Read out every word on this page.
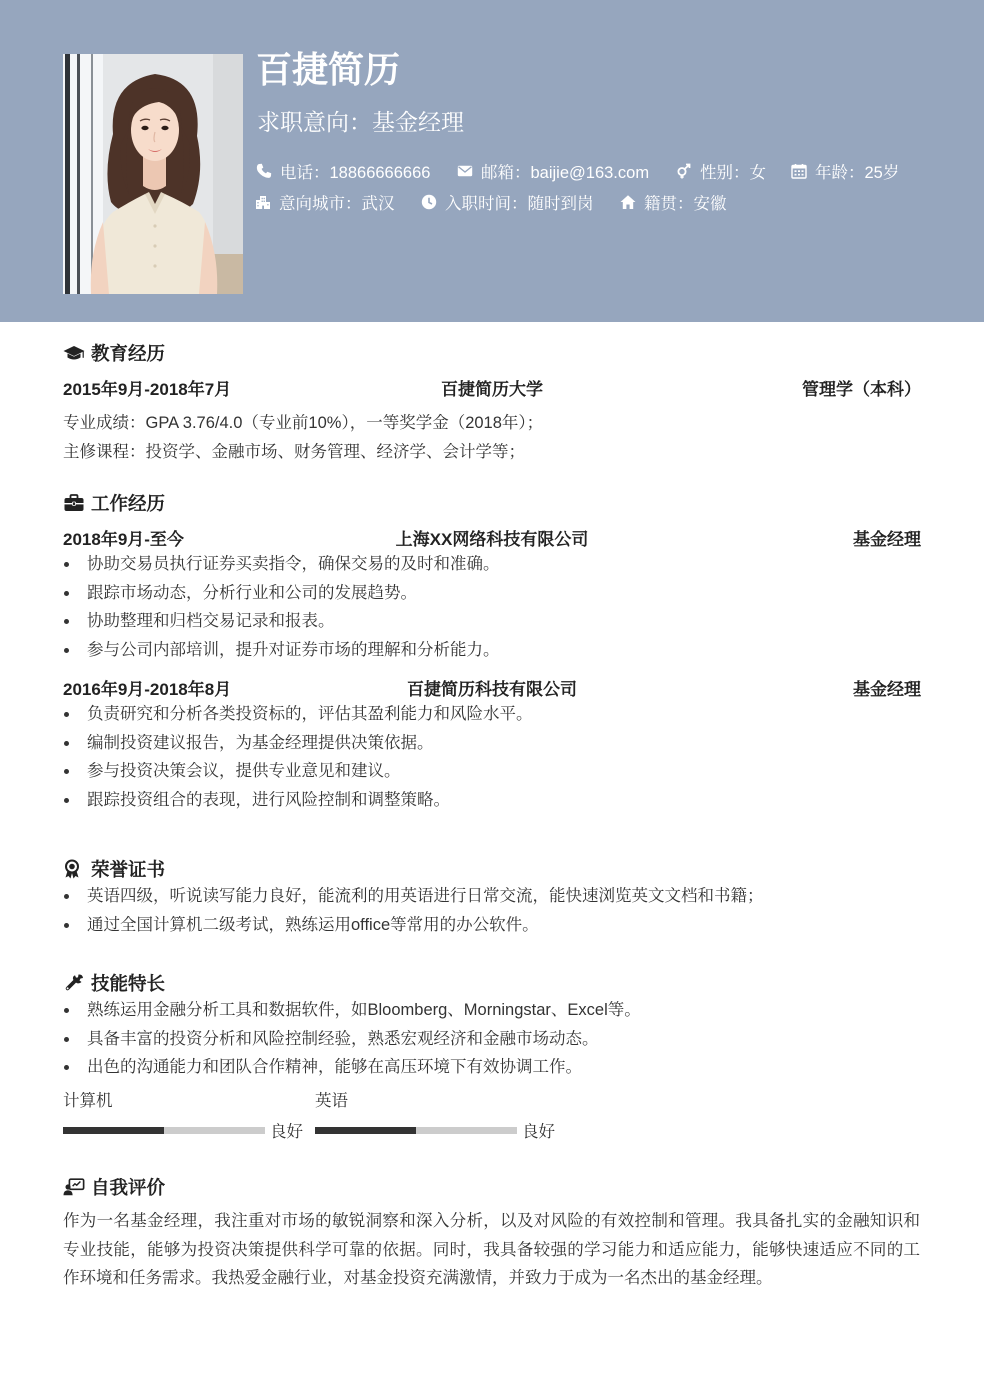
百捷简历
求职意向：基金经理
电话：18866666666	邮箱：baijie@163.com	性别：女	年龄：25岁
意向城市：武汉	入职时间：随时到岗	籍贯：安徽
教育经历
2015年9月-2018年7月	百捷简历大学	管理学（本科）
专业成绩：GPA 3.76/4.0（专业前10%），一等奖学金（2018年）；
主修课程：投资学、金融市场、财务管理、经济学、会计学等；
工作经历
2018年9月-至今	上海XX网络科技有限公司	基金经理
协助交易员执行证券买卖指令，确保交易的及时和准确。
跟踪市场动态，分析行业和公司的发展趋势。
协助整理和归档交易记录和报表。
参与公司内部培训，提升对证券市场的理解和分析能力。
2016年9月-2018年8月	百捷简历科技有限公司	基金经理
负责研究和分析各类投资标的，评估其盈利能力和风险水平。
编制投资建议报告，为基金经理提供决策依据。
参与投资决策会议，提供专业意见和建议。
跟踪投资组合的表现，进行风险控制和调整策略。
荣誉证书
英语四级，听说读写能力良好，能流利的用英语进行日常交流，能快速浏览英文文档和书籍；
通过全国计算机二级考试，熟练运用office等常用的办公软件。
技能特长
熟练运用金融分析工具和数据软件，如Bloomberg、Morningstar、Excel等。
具备丰富的投资分析和风险控制经验，熟悉宏观经济和金融市场动态。
出色的沟通能力和团队合作精神，能够在高压环境下有效协调工作。
计算机
良好
英语
良好
自我评价

作为一名基金经理，我注重对市场的敏锐洞察和深入分析，以及对风险的有效控制和管理。我具备扎实的金融知识和专业技能，能够为投资决策提供科学可靠的依据。同时，我具备较强的学习能力和适应能力，能够快速适应不同的工作环境和任务需求。我热爱金融行业，对基金投资充满激情，并致力于成为一名杰出的基金经理。
